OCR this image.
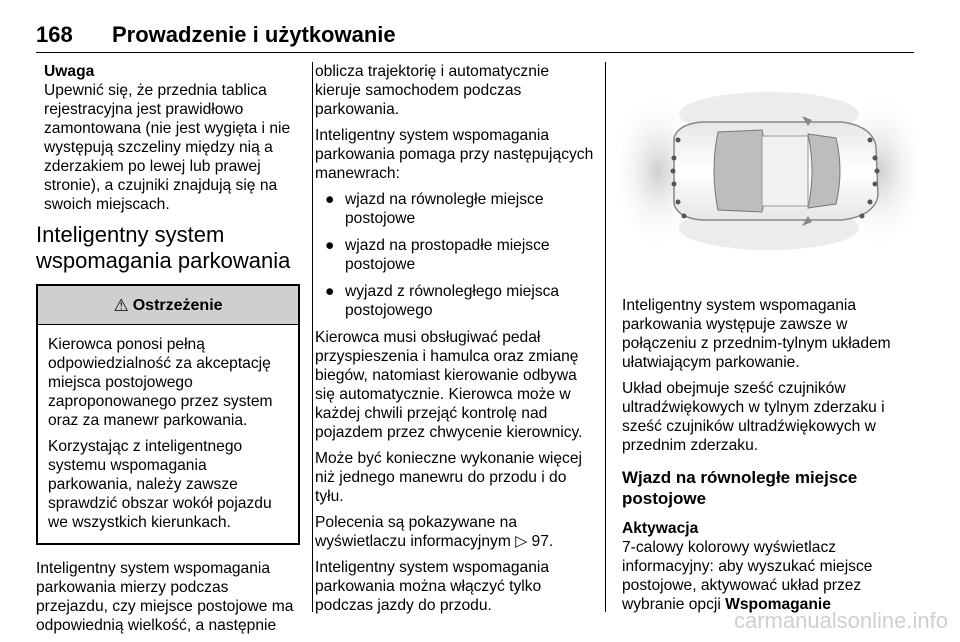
168 Prowadzenie i użytkowanie

Uwaga

Upewnić się, że przednia tablica rejestracyjna jest prawidłowo zamontowana (nie jest wygięta i nie występują szczeliny między nią a zderzakiem po lewej lub prawej stronie), a czujniki znajdują się na swoich miejscach.

Inteligentny system wspomagania parkowania
⚠ Ostrzeżenie

Kierowca ponosi pełną odpowiedzialność za akceptację miejsca postojowego zaproponowanego przez system oraz za manewr parkowania.

Korzystając z inteligentnego systemu wspomagania parkowania, należy zawsze sprawdzić obszar wokół pojazdu we wszystkich kierunkach.

Inteligentny system wspomagania parkowania mierzy podczas przejazdu, czy miejsce postojowe ma odpowiednią wielkość, a następnie

oblicza trajektorię i automatycznie kieruje samochodem podczas parkowania.

Inteligentny system wspomagania parkowania pomaga przy następujących manewrach:

● wjazd na równoległe miejsce postojowe
● wjazd na prostopadłe miejsce postojowe
● wyjazd z równoległego miejsca postojowego

Kierowca musi obsługiwać pedał przyspieszenia i hamulca oraz zmianę biegów, natomiast kierowanie odbywa się automatycznie. Kierowca może w każdej chwili przejąć kontrolę nad pojazdem przez chwycenie kierownicy.

Może być konieczne wykonanie więcej niż jednego manewru do przodu i do tyłu.

Polecenia są pokazywane na wyświetlaczu informacyjnym ▷ 97.

Inteligentny system wspomagania parkowania można włączyć tylko podczas jazdy do przodu.

Inteligentny system wspomagania parkowania występuje zawsze w połączeniu z przednim-tylnym układem ułatwiającym parkowanie.

Układ obejmuje sześć czujników ultradźwiękowych w tylnym zderzaku i sześć czujników ultradźwiękowych w przednim zderzaku.

Wjazd na równoległe miejsce postojowe

Aktywacja

7-calowy kolorowy wyświetlacz informacyjny: aby wyszukać miejsce postojowe, aktywować układ przez wybranie opcji Wspomaganie

carmanualsonline.info
